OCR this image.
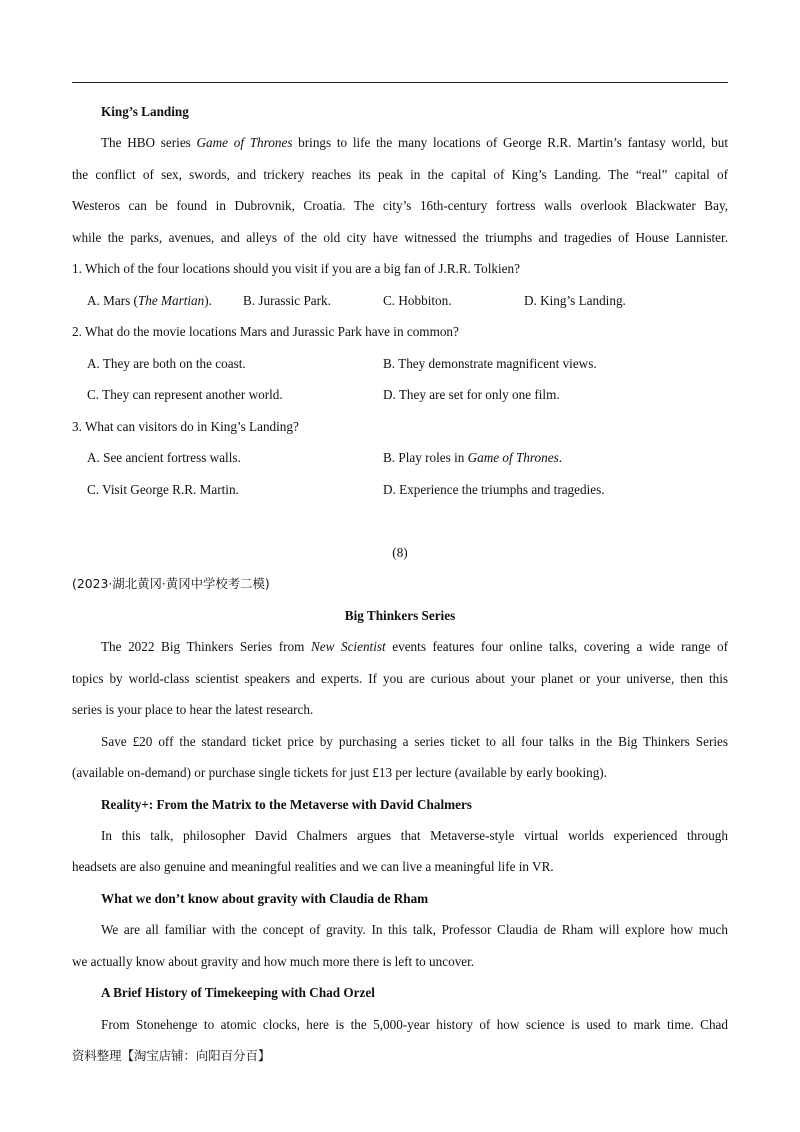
King’s Landing
The HBO series Game of Thrones brings to life the many locations of George R.R. Martin’s fantasy world, but
the conflict of sex, swords, and trickery reaches its peak in the capital of King’s Landing. The “real” capital of
Westeros can be found in Dubrovnik, Croatia. The city’s 16th-century fortress walls overlook Blackwater Bay,
while the parks, avenues, and alleys of the old city have witnessed the triumphs and tragedies of House Lannister.
1. Which of the four locations should you visit if you are a big fan of J.R.R. Tolkien?
A. Mars (The Martian). B. Jurassic Park.	C. Hobbiton.	D. King’s Landing.
2. What do the movie locations Mars and Jurassic Park have in common?
A. They are both on the coast.	B. They demonstrate magnificent views.
C. They can represent another world.	D. They are set for only one film.
3. What can visitors do in King’s Landing?
A. See ancient fortress walls.	B. Play roles in Game of Thrones.
C. Visit George R.R. Martin.	D. Experience the triumphs and tragedies.
(8)
(2023·湖北黄冈·黄冈中学校考二模)
Big Thinkers Series
The 2022 Big Thinkers Series from New Scientist events features four online talks, covering a wide range of
topics by world-class scientist speakers and experts. If you are curious about your planet or your universe, then this
series is your place to hear the latest research.
Save £20 off the standard ticket price by purchasing a series ticket to all four talks in the Big Thinkers Series
(available on-demand) or purchase single tickets for just £13 per lecture (available by early booking).
Reality+: From the Matrix to the Metaverse with David Chalmers
In this talk, philosopher David Chalmers argues that Metaverse-style virtual worlds experienced through
headsets are also genuine and meaningful realities and we can live a meaningful life in VR.
What we don’t know about gravity with Claudia de Rham
We are all familiar with the concept of gravity. In this talk, Professor Claudia de Rham will explore how much
we actually know about gravity and how much more there is left to uncover.
A Brief History of Timekeeping with Chad Orzel
From Stonehenge to atomic clocks, here is the 5,000-year history of how science is used to mark time. Chad
资料整理【淘宝店铺：向阳百分百】
